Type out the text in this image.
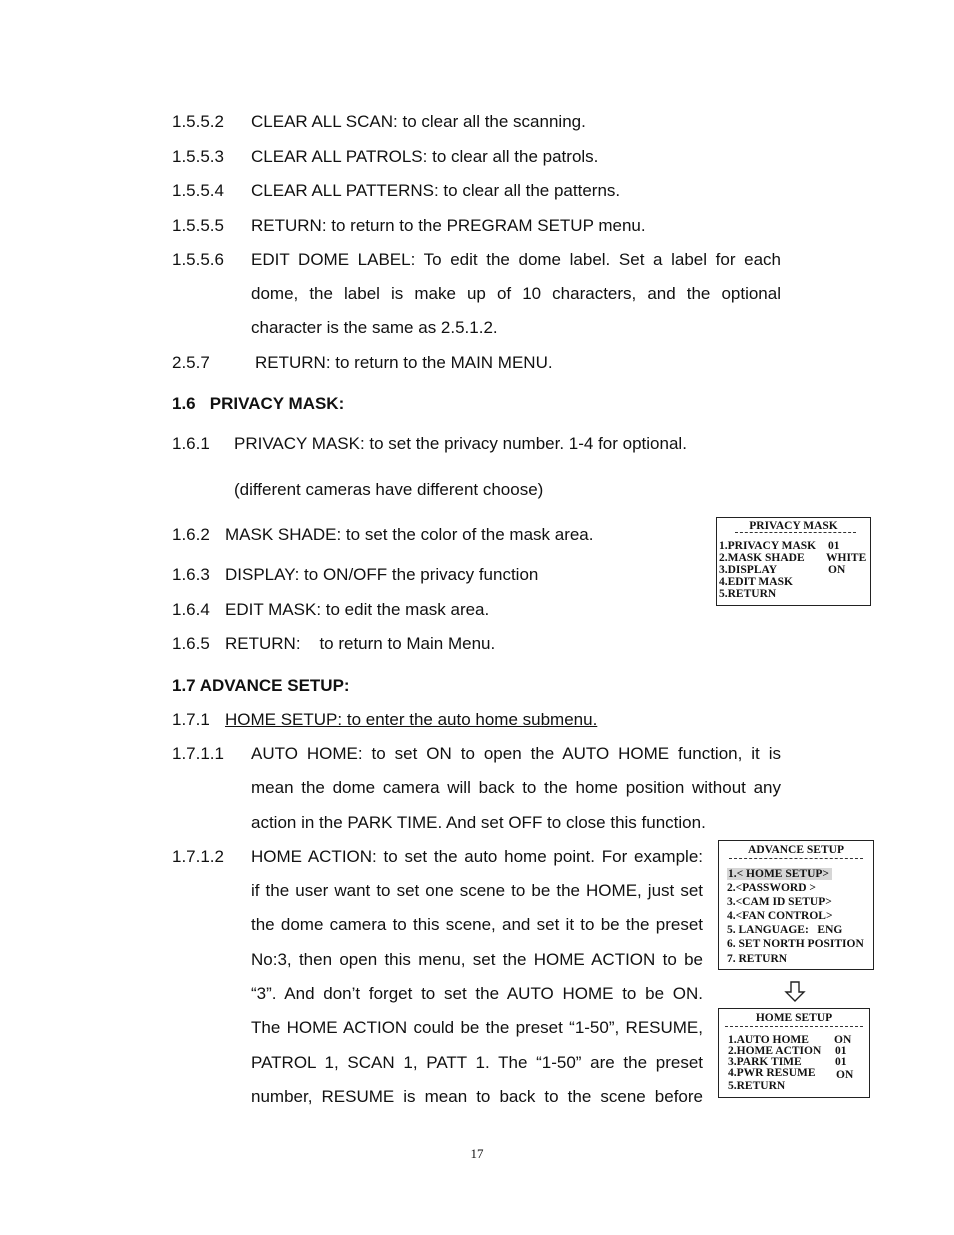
1.5.5.2 CLEAR ALL SCAN: to clear all the scanning.
1.5.5.3 CLEAR ALL PATROLS: to clear all the patrols.
1.5.5.4 CLEAR ALL PATTERNS: to clear all the patterns.
1.5.5.5 RETURN: to return to the PREGRAM SETUP menu.
1.5.5.6 EDIT DOME LABEL: To edit the dome label. Set a label for each
dome, the label is make up of 10 characters, and the optional
character is the same as 2.5.1.2.
2.5.7	RETURN: to return to the MAIN MENU.
1.6   PRIVACY MASK:
1.6.1 PRIVACY MASK: to set the privacy number. 1-4 for optional.
(different cameras have different choose)
1.6.2 MASK SHADE: to set the color of the mask area.
1.6.3 DISPLAY: to ON/OFF the privacy function
1.6.4 EDIT MASK: to edit the mask area.
1.6.5 RETURN:    to return to Main Menu.
1.7 ADVANCE SETUP:
1.7.1 HOME SETUP: to enter the auto home submenu.
1.7.1.1 AUTO HOME: to set ON to open the AUTO HOME function, it is
mean the dome camera will back to the home position without any
action in the PARK TIME. And set OFF to close this function.
1.7.1.2 HOME ACTION: to set the auto home point. For example:
if the user want to set one scene to be the HOME, just set
the dome camera to this scene, and set it to be the preset
No:3, then open this menu, set the HOME ACTION to be
“3”. And don’t forget to set the AUTO HOME to be ON.
The HOME ACTION could be the preset “1-50”, RESUME,
PATROL 1, SCAN 1, PATT 1. The “1-50” are the preset
number, RESUME is mean to back to the scene before
PRIVACY MASK
1.PRIVACY MASK
2.MASK SHADE
3.DISPLAY
4.EDIT MASK
5.RETURN
01
WHITE
ON
ADVANCE SETUP
1.< HOME SETUP>
2.<PASSWORD >
3.<CAM ID SETUP>
4.<FAN CONTROL>
5. LANGUAGE:   ENG
6. SET NORTH POSITION
7. RETURN
HOME SETUP
1.AUTO HOME
2.HOME ACTION
3.PARK TIME
4.PWR RESUME
5.RETURN
ON
01
01
ON
17
